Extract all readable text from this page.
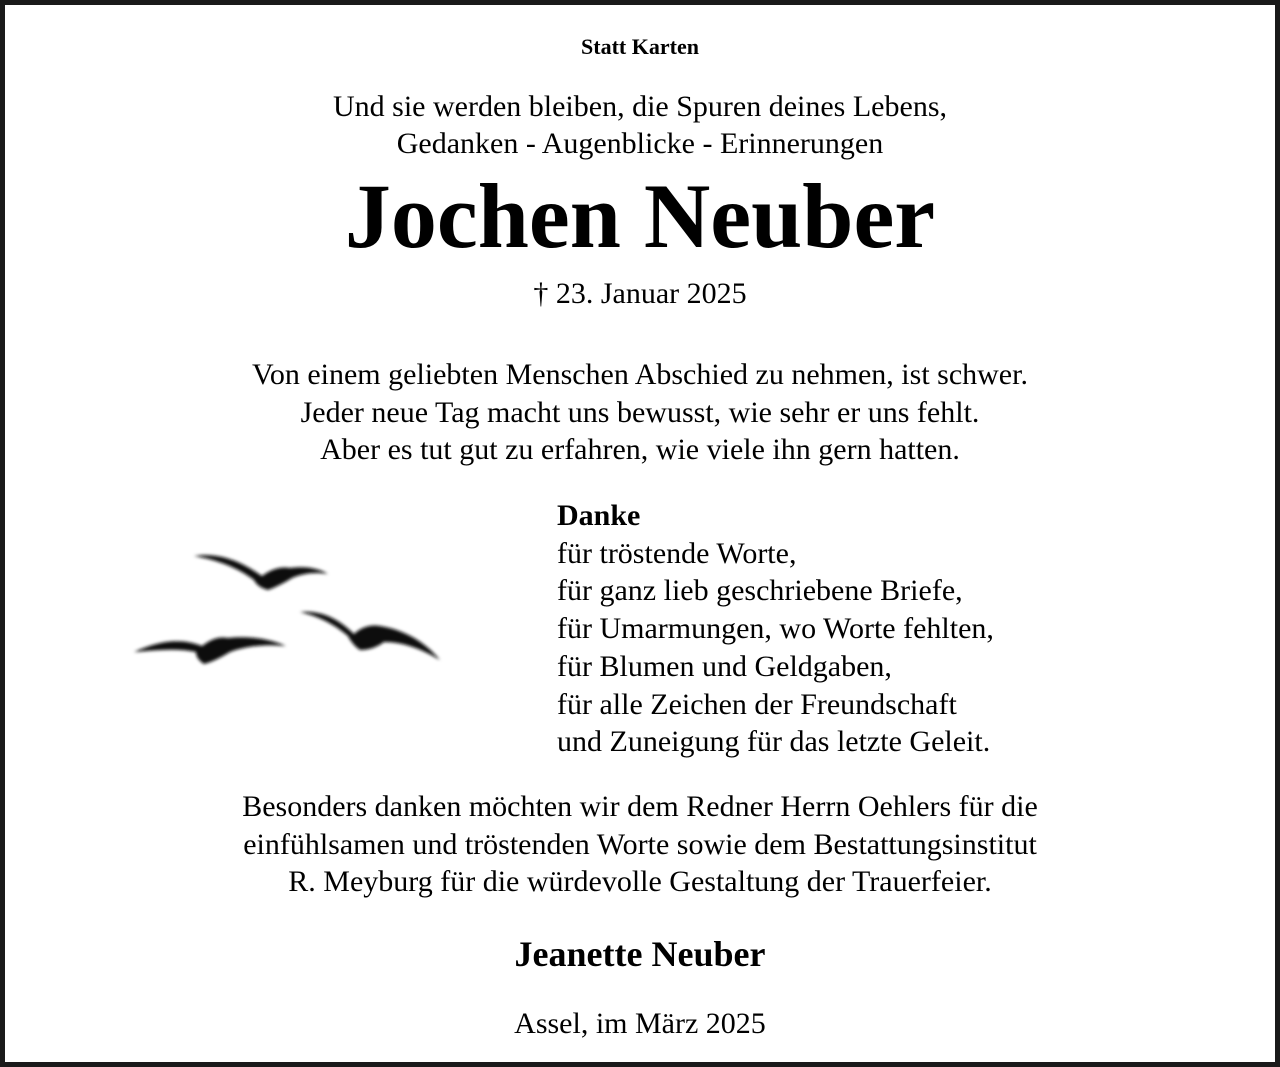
Statt Karten
Und sie werden bleiben, die Spuren deines Lebens,
Gedanken - Augenblicke - Erinnerungen
Jochen Neuber
† 23. Januar 2025
Von einem geliebten Menschen Abschied zu nehmen, ist schwer.
Jeder neue Tag macht uns bewusst, wie sehr er uns fehlt.
Aber es tut gut zu erfahren, wie viele ihn gern hatten.
Danke
für tröstende Worte,
für ganz lieb geschriebene Briefe,
für Umarmungen, wo Worte fehlten,
für Blumen und Geldgaben,
für alle Zeichen der Freundschaft
und Zuneigung für das letzte Geleit.
Besonders danken möchten wir dem Redner Herrn Oehlers für die
einfühlsamen und tröstenden Worte sowie dem Bestattungsinstitut
R. Meyburg für die würdevolle Gestaltung der Trauerfeier.
Jeanette Neuber
Assel, im März 2025
